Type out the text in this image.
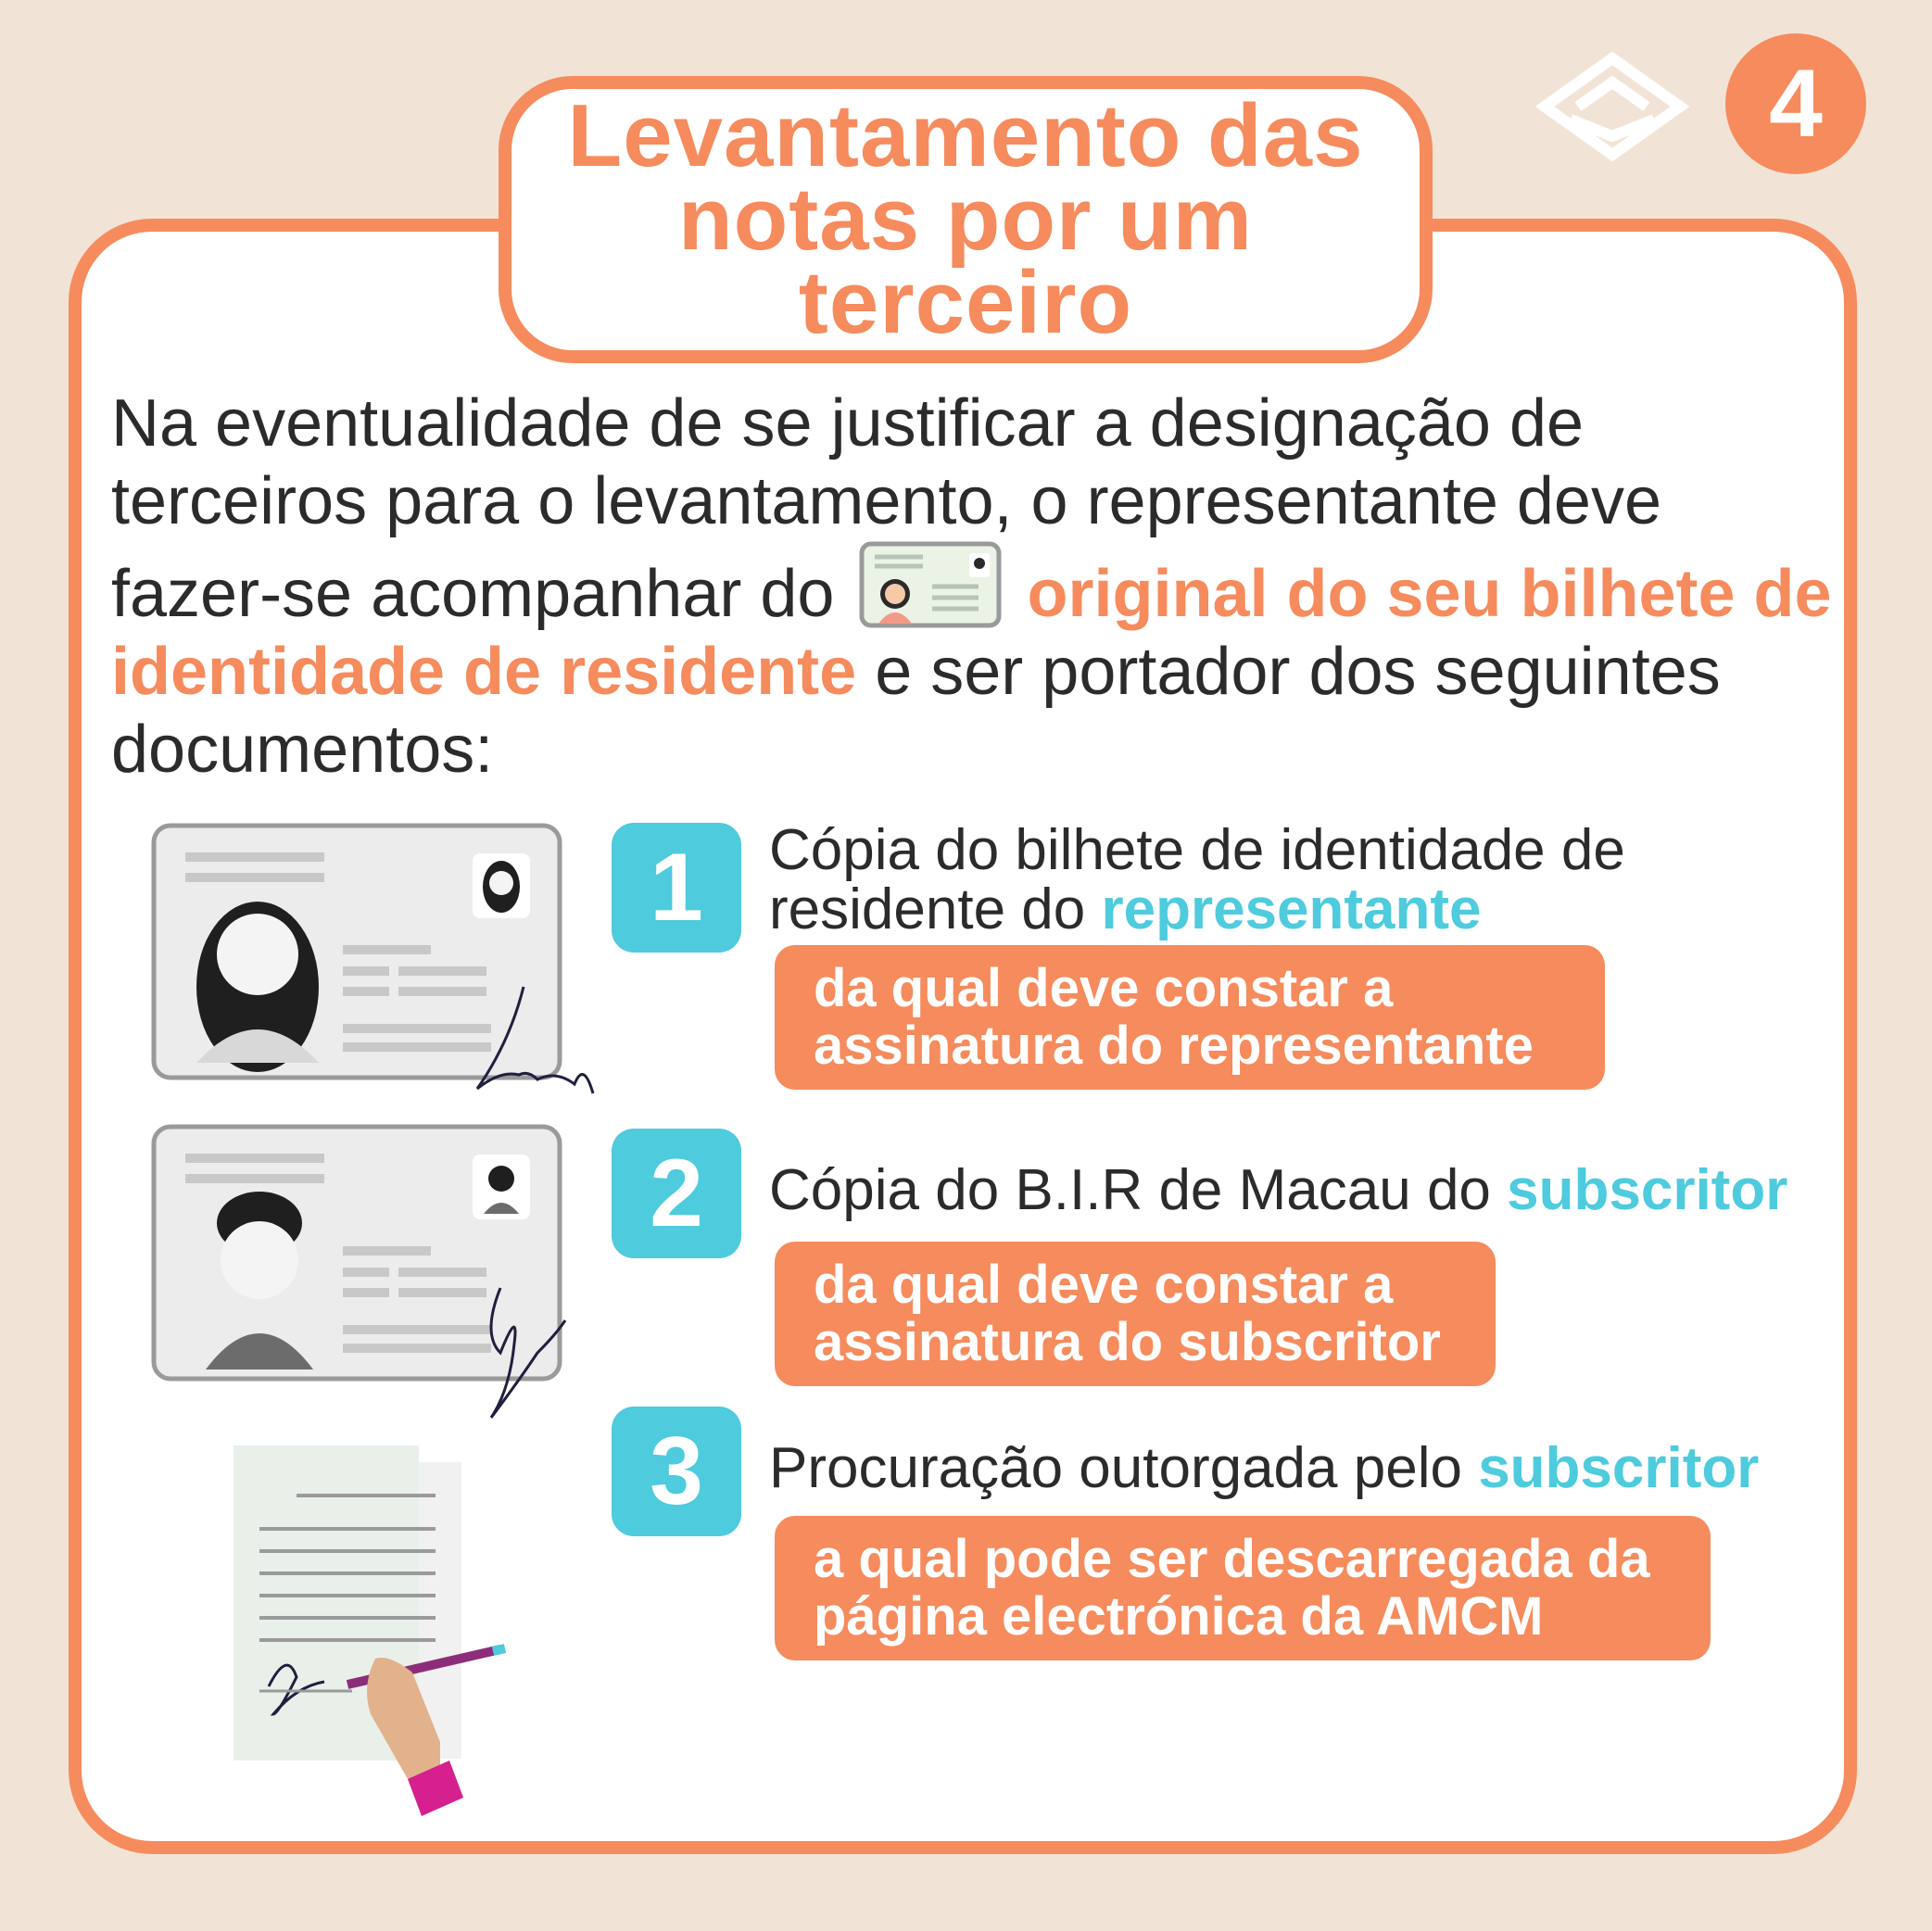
Levantamento das
notas por um
terceiro
4
Na eventualidade de se justificar a designação de terceiros para o levantamento, o representante deve fazer-se acompanhar do	original do seu bilhete de identidade de residente e ser portador dos seguintes documentos:
1	Cópia do bilhete de identidade de
residente do representante
da qual deve constar a
assinatura do representante
2	Cópia do B.I.R de Macau do subscritor
da qual deve constar a
assinatura do subscritor
3	Procuração outorgada pelo subscritor
a qual pode ser descarregada da
página electrónica da AMCM
